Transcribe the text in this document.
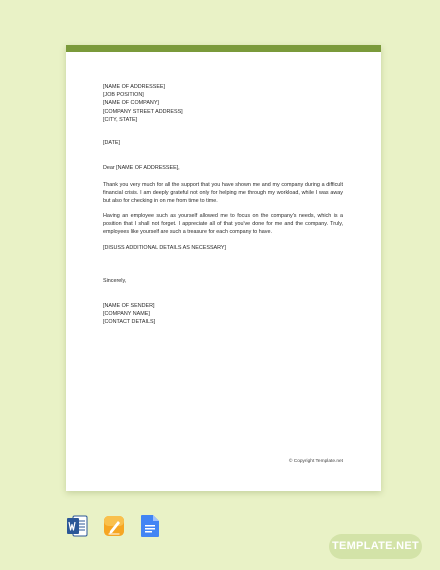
[NAME OF ADDRESSEE]
[JOB POSITION]
[NAME OF COMPANY]
[COMPANY STREET ADDRESS]
[CITY, STATE]
[DATE]
Dear [NAME OF ADDRESSEE],
Thank you very much for all the support that you have shown me and my company during a difficult financial crisis. I am deeply grateful not only for helping me through my workload, while I was away but also for checking in on me from time to time.
Having an employee such as yourself allowed me to focus on the company's needs, which is a position that I shall not forget. I appreciate all of that you've done for me and the company. Truly, employees like yourself are such a treasure for each company to have.
[DISUSS ADDITIONAL DETAILS AS NECESSARY]
Sincerely,
[NAME OF SENDER]
[COMPANY NAME]
[CONTACT DETAILS]
© Copyright Template.net
TEMPLATE.NET
